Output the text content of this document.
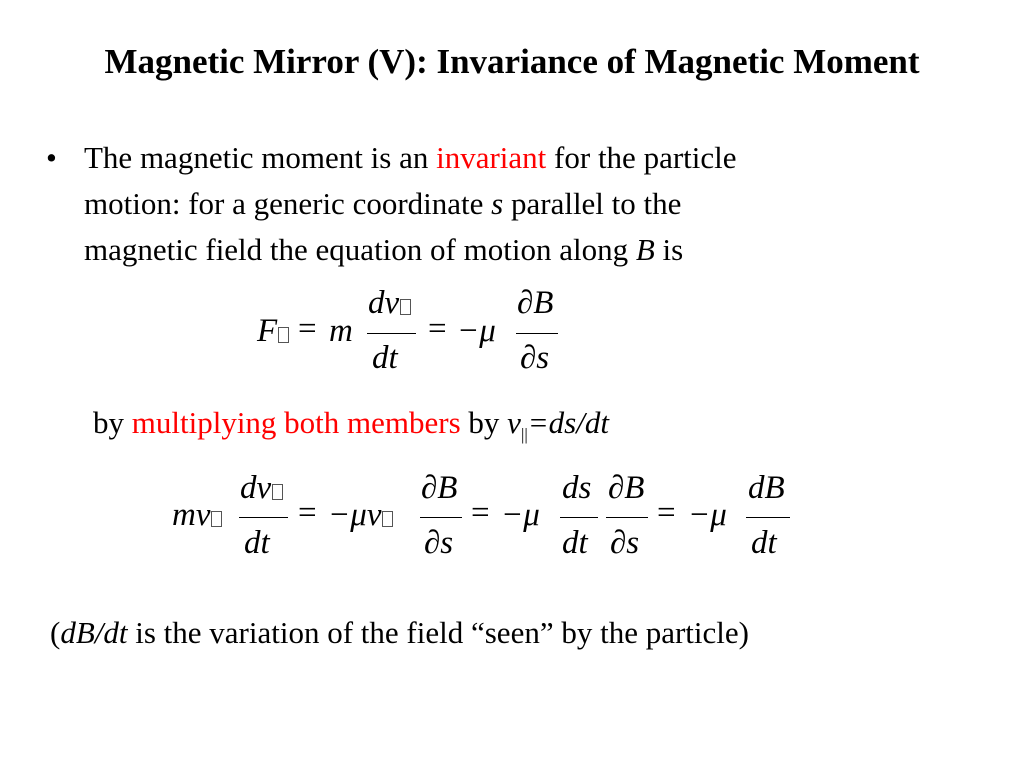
Magnetic Mirror (V): Invariance of Magnetic Moment
• The magnetic moment is an invariant for the particle
motion: for a generic coordinate s parallel to the
magnetic field the equation of motion along B is
F = m
dv
dt
= −μ
∂B
∂s
by multiplying both members by $v_{||}=ds/dt$
mv
dv
dt
= −μv
∂B
∂s
= −μ
ds
dt
∂B
∂s
= −μ
dB
dt
(dB/dt is the variation of the field “seen” by the particle)
